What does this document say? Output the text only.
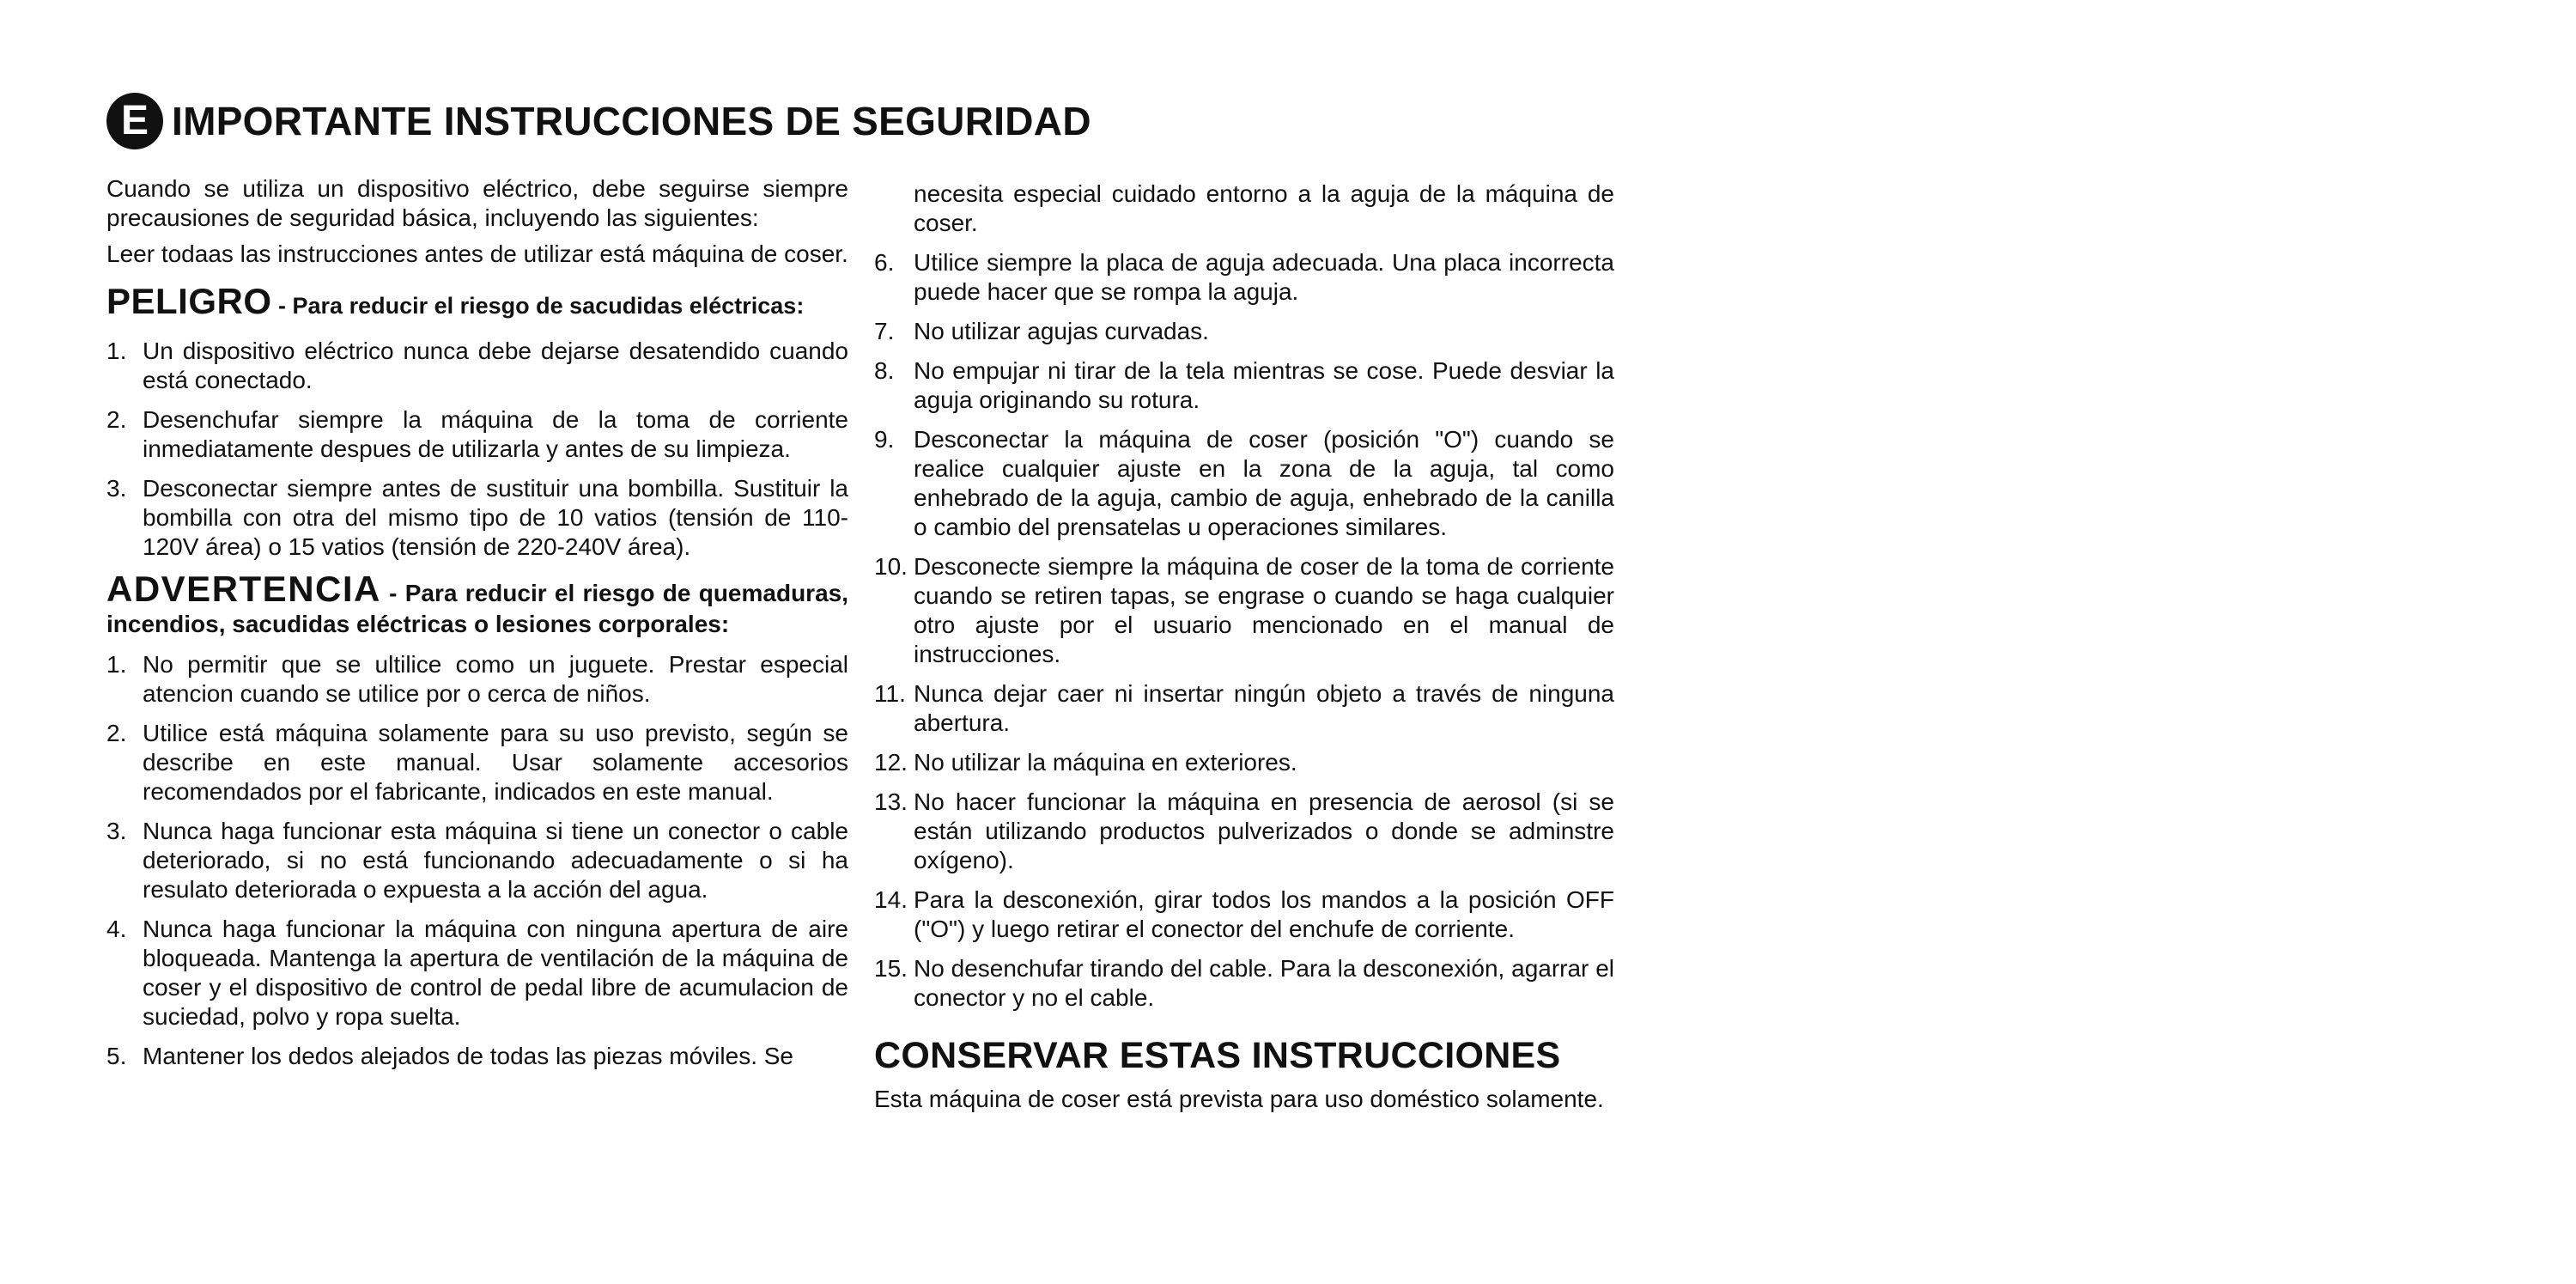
E IMPORTANTE INSTRUCCIONES DE SEGURIDAD

Cuando se utiliza un dispositivo eléctrico, debe seguirse siempre precausiones de seguridad básica, incluyendo las siguientes:

Leer todaas las instrucciones antes de utilizar está máquina de coser.

PELIGRO - Para reducir el riesgo de sacudidas eléctricas:
1. Un dispositivo eléctrico nunca debe dejarse desatendido cuando está conectado.
2. Desenchufar siempre la máquina de la toma de corriente inmediatamente despues de utilizarla y antes de su limpieza.
3. Desconectar siempre antes de sustituir una bombilla. Sustituir la bombilla con otra del mismo tipo de 10 vatios (tensión de 110-120V área) o 15 vatios (tensión de 220-240V área).
ADVERTENCIA - Para reducir el riesgo de quemaduras, incendios, sacudidas eléctricas o lesiones corporales:
1. No permitir que se ultilice como un juguete. Prestar especial atencion cuando se utilice por o cerca de niños.
2. Utilice está máquina solamente para su uso previsto, según se describe en este manual. Usar solamente accesorios recomendados por el fabricante, indicados en este manual.
3. Nunca haga funcionar esta máquina si tiene un conector o cable deteriorado, si no está funcionando adecuadamente o si ha resulato deteriorada o expuesta a la acción del agua.
4. Nunca haga funcionar la máquina con ninguna apertura de aire bloqueada. Mantenga la apertura de ventilación de la máquina de coser y el dispositivo de control de pedal libre de acumulacion de suciedad, polvo y ropa suelta.
5. Mantener los dedos alejados de todas las piezas móviles. Se

necesita especial cuidado entorno a la aguja de la máquina de coser.

6. Utilice siempre la placa de aguja adecuada. Una placa incorrecta puede hacer que se rompa la aguja.
7. No utilizar agujas curvadas.
8. No empujar ni tirar de la tela mientras se cose. Puede desviar la aguja originando su rotura.
9. Desconectar la máquina de coser (posición "O") cuando se realice cualquier ajuste en la zona de la aguja, tal como enhebrado de la aguja, cambio de aguja, enhebrado de la canilla o cambio del prensatelas u operaciones similares.
10. Desconecte siempre la máquina de coser de la toma de corriente cuando se retiren tapas, se engrase o cuando se haga cualquier otro ajuste por el usuario mencionado en el manual de instrucciones.
11. Nunca dejar caer ni insertar ningún objeto a través de ninguna abertura.
12. No utilizar la máquina en exteriores.
13. No hacer funcionar la máquina en presencia de aerosol (si se están utilizando productos pulverizados o donde se adminstre oxígeno).
14. Para la desconexión, girar todos los mandos a la posición OFF ("O") y luego retirar el conector del enchufe de corriente.
15. No desenchufar tirando del cable. Para la desconexión, agarrar el conector y no el cable.
CONSERVAR ESTAS INSTRUCCIONES

Esta máquina de coser está prevista para uso doméstico solamente.
